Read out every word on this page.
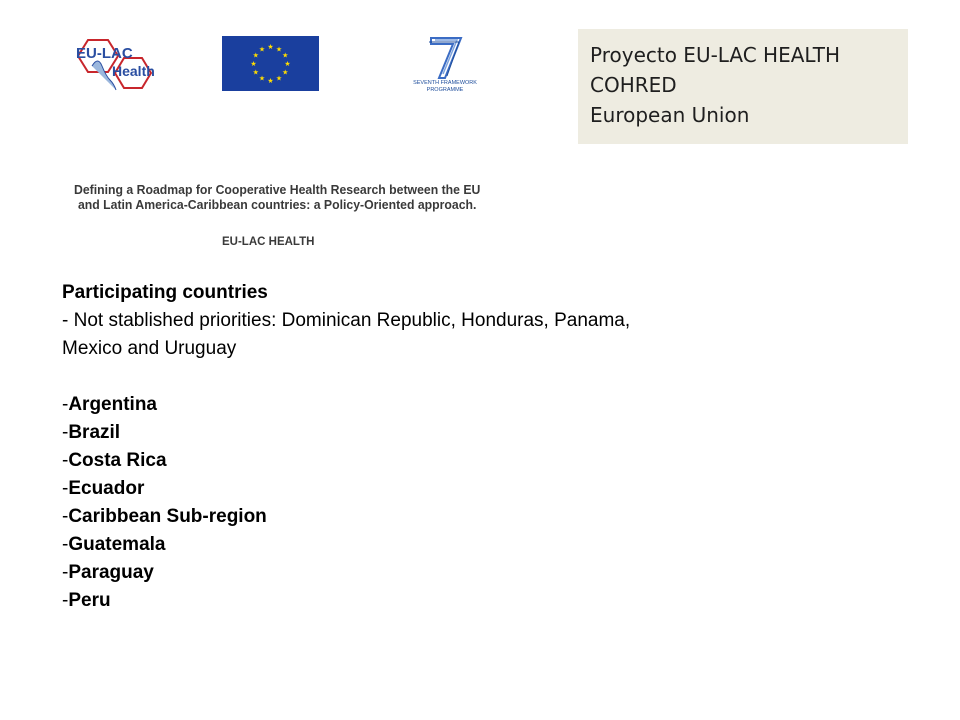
EU-LAC
Health	★
★
★
★
★
★
★
★
★ ★ ★
★
SEVENTH FRAMEWORK
PROGRAMME
Proyecto EU-LAC HEALTH
COHRED
European Union
Defining a Roadmap for Cooperative Health Research between the EU
and Latin America-Caribbean countries: a Policy-Oriented approach.
EU-LAC HEALTH
Participating countries
- Not stablished priorities: Dominican Republic, Honduras, Panama,
Mexico and Uruguay
-Argentina
-Brazil
-Costa Rica
-Ecuador
-Caribbean Sub-region
-Guatemala
-Paraguay
-Peru
